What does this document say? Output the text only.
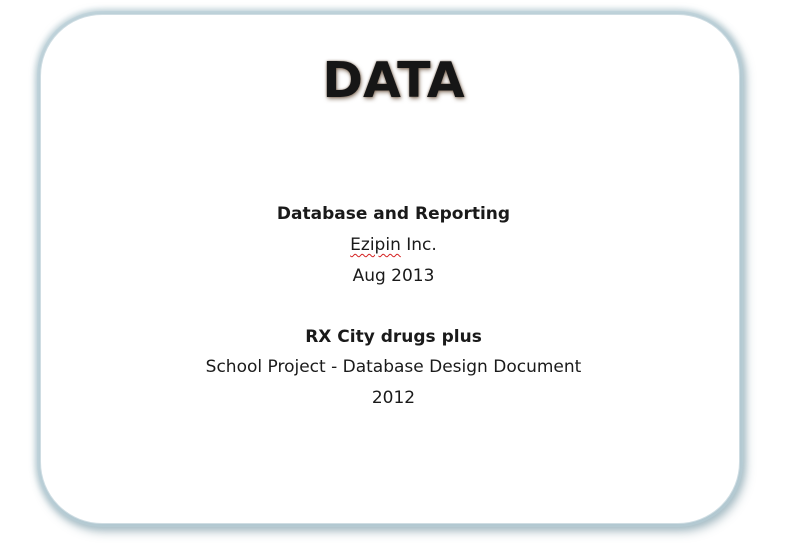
DATA
Database and Reporting
Ezipin Inc.
Aug 2013
RX City drugs plus
School Project - Database Design Document
2012
